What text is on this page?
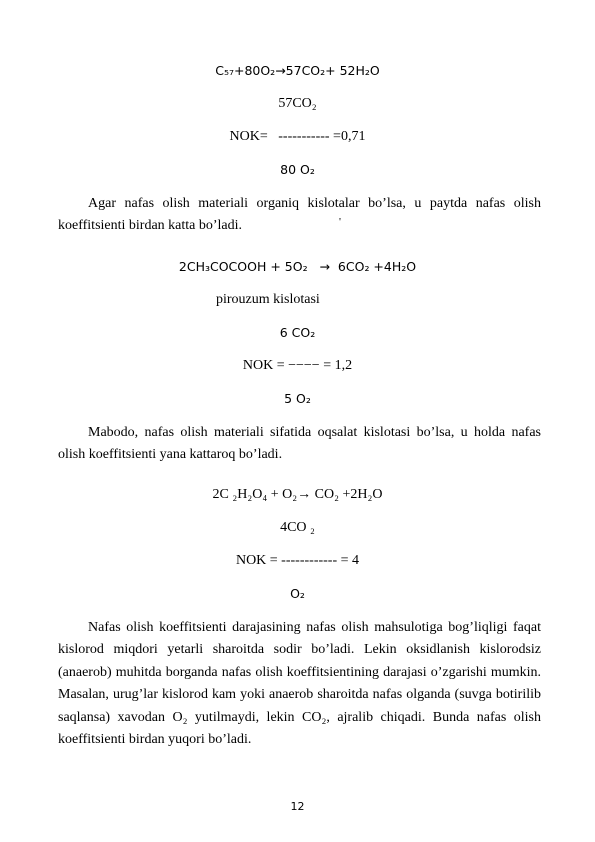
C₅₇+80O₂→57CO₂+ 52H₂O
57CO₂
NOK=   ----------- =0,71
80 O₂
Agar nafas olish materiali organiq kislotalar bo’lsa, u paytda nafas olish koeffitsienti birdan katta bo’ladi.	'
2CH₃COCOOH + 5O₂   →  6CO₂ +4H₂O
pirouzum kislotasi
6 CO₂
NOK = −−−− = 1,2
5 O₂
Mabodo, nafas olish materiali sifatida oqsalat kislotasi bo’lsa, u holda nafas olish koeffitsienti yana kattaroq bo’ladi.
2C ₂H₂O₄ + O₂→ CO₂ +2H₂O
4CO ₂
NOK = ------------ = 4
O₂
Nafas olish koeffitsienti darajasining nafas olish mahsulotiga bog’liqligi faqat kislorod miqdori yetarli sharoitda sodir bo’ladi. Lekin oksidlanish kislorodsiz (anaerob) muhitda borganda nafas olish koeffitsientining darajasi o’zgarishi mumkin. Masalan, urug’lar kislorod kam yoki anaerob sharoitda nafas olganda (suvga botirilib saqlansa) xavodan O₂ yutilmaydi, lekin CO₂, ajralib chiqadi. Bunda nafas olish koeffitsienti birdan yuqori bo’ladi.
12
